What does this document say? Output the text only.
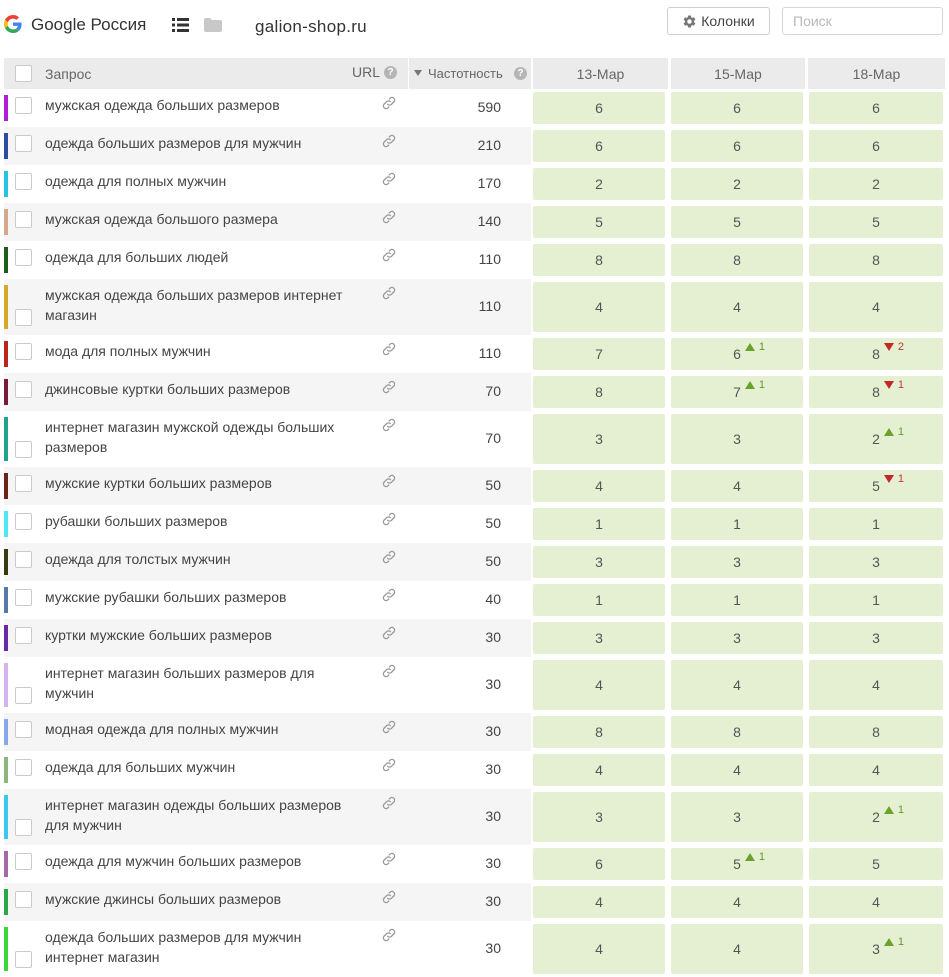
Google Россия	galion-shop.ru	Колонки
Поиск
Запрос	URL ?	Частотность	?	13-Мар	15-Мар	18-Мар
мужская одежда больших размеров	590	6	6	6
одежда больших размеров для мужчин	210	6	6	6
одежда для полных мужчин	170	2	2	2
мужская одежда большого размера	140	5	5	5
одежда для больших людей	110	8	8	8
мужская одежда больших размеров интернет магазин
110	4	4	4
мода для полных мужчин	110	7	6 1	8 2
джинсовые куртки больших размеров	70	8	7 1	8 1
интернет магазин мужской одежды больших размеров
70	3	3	2 1
мужские куртки больших размеров	50	4	4	5 1
рубашки больших размеров	50	1	1	1
одежда для толстых мужчин	50	3	3	3
мужские рубашки больших размеров	40	1	1	1
куртки мужские больших размеров	30	3	3	3
интернет магазин больших размеров для мужчин
30	4	4	4
модная одежда для полных мужчин	30	8	8	8
одежда для больших мужчин	30	4	4	4
интернет магазин одежды больших размеров для мужчин
30	3	3	2 1
одежда для мужчин больших размеров	30	6	5 1	5
мужские джинсы больших размеров	30	4	4	4
одежда больших размеров для мужчин интернет магазин
30	4	4	3 1
